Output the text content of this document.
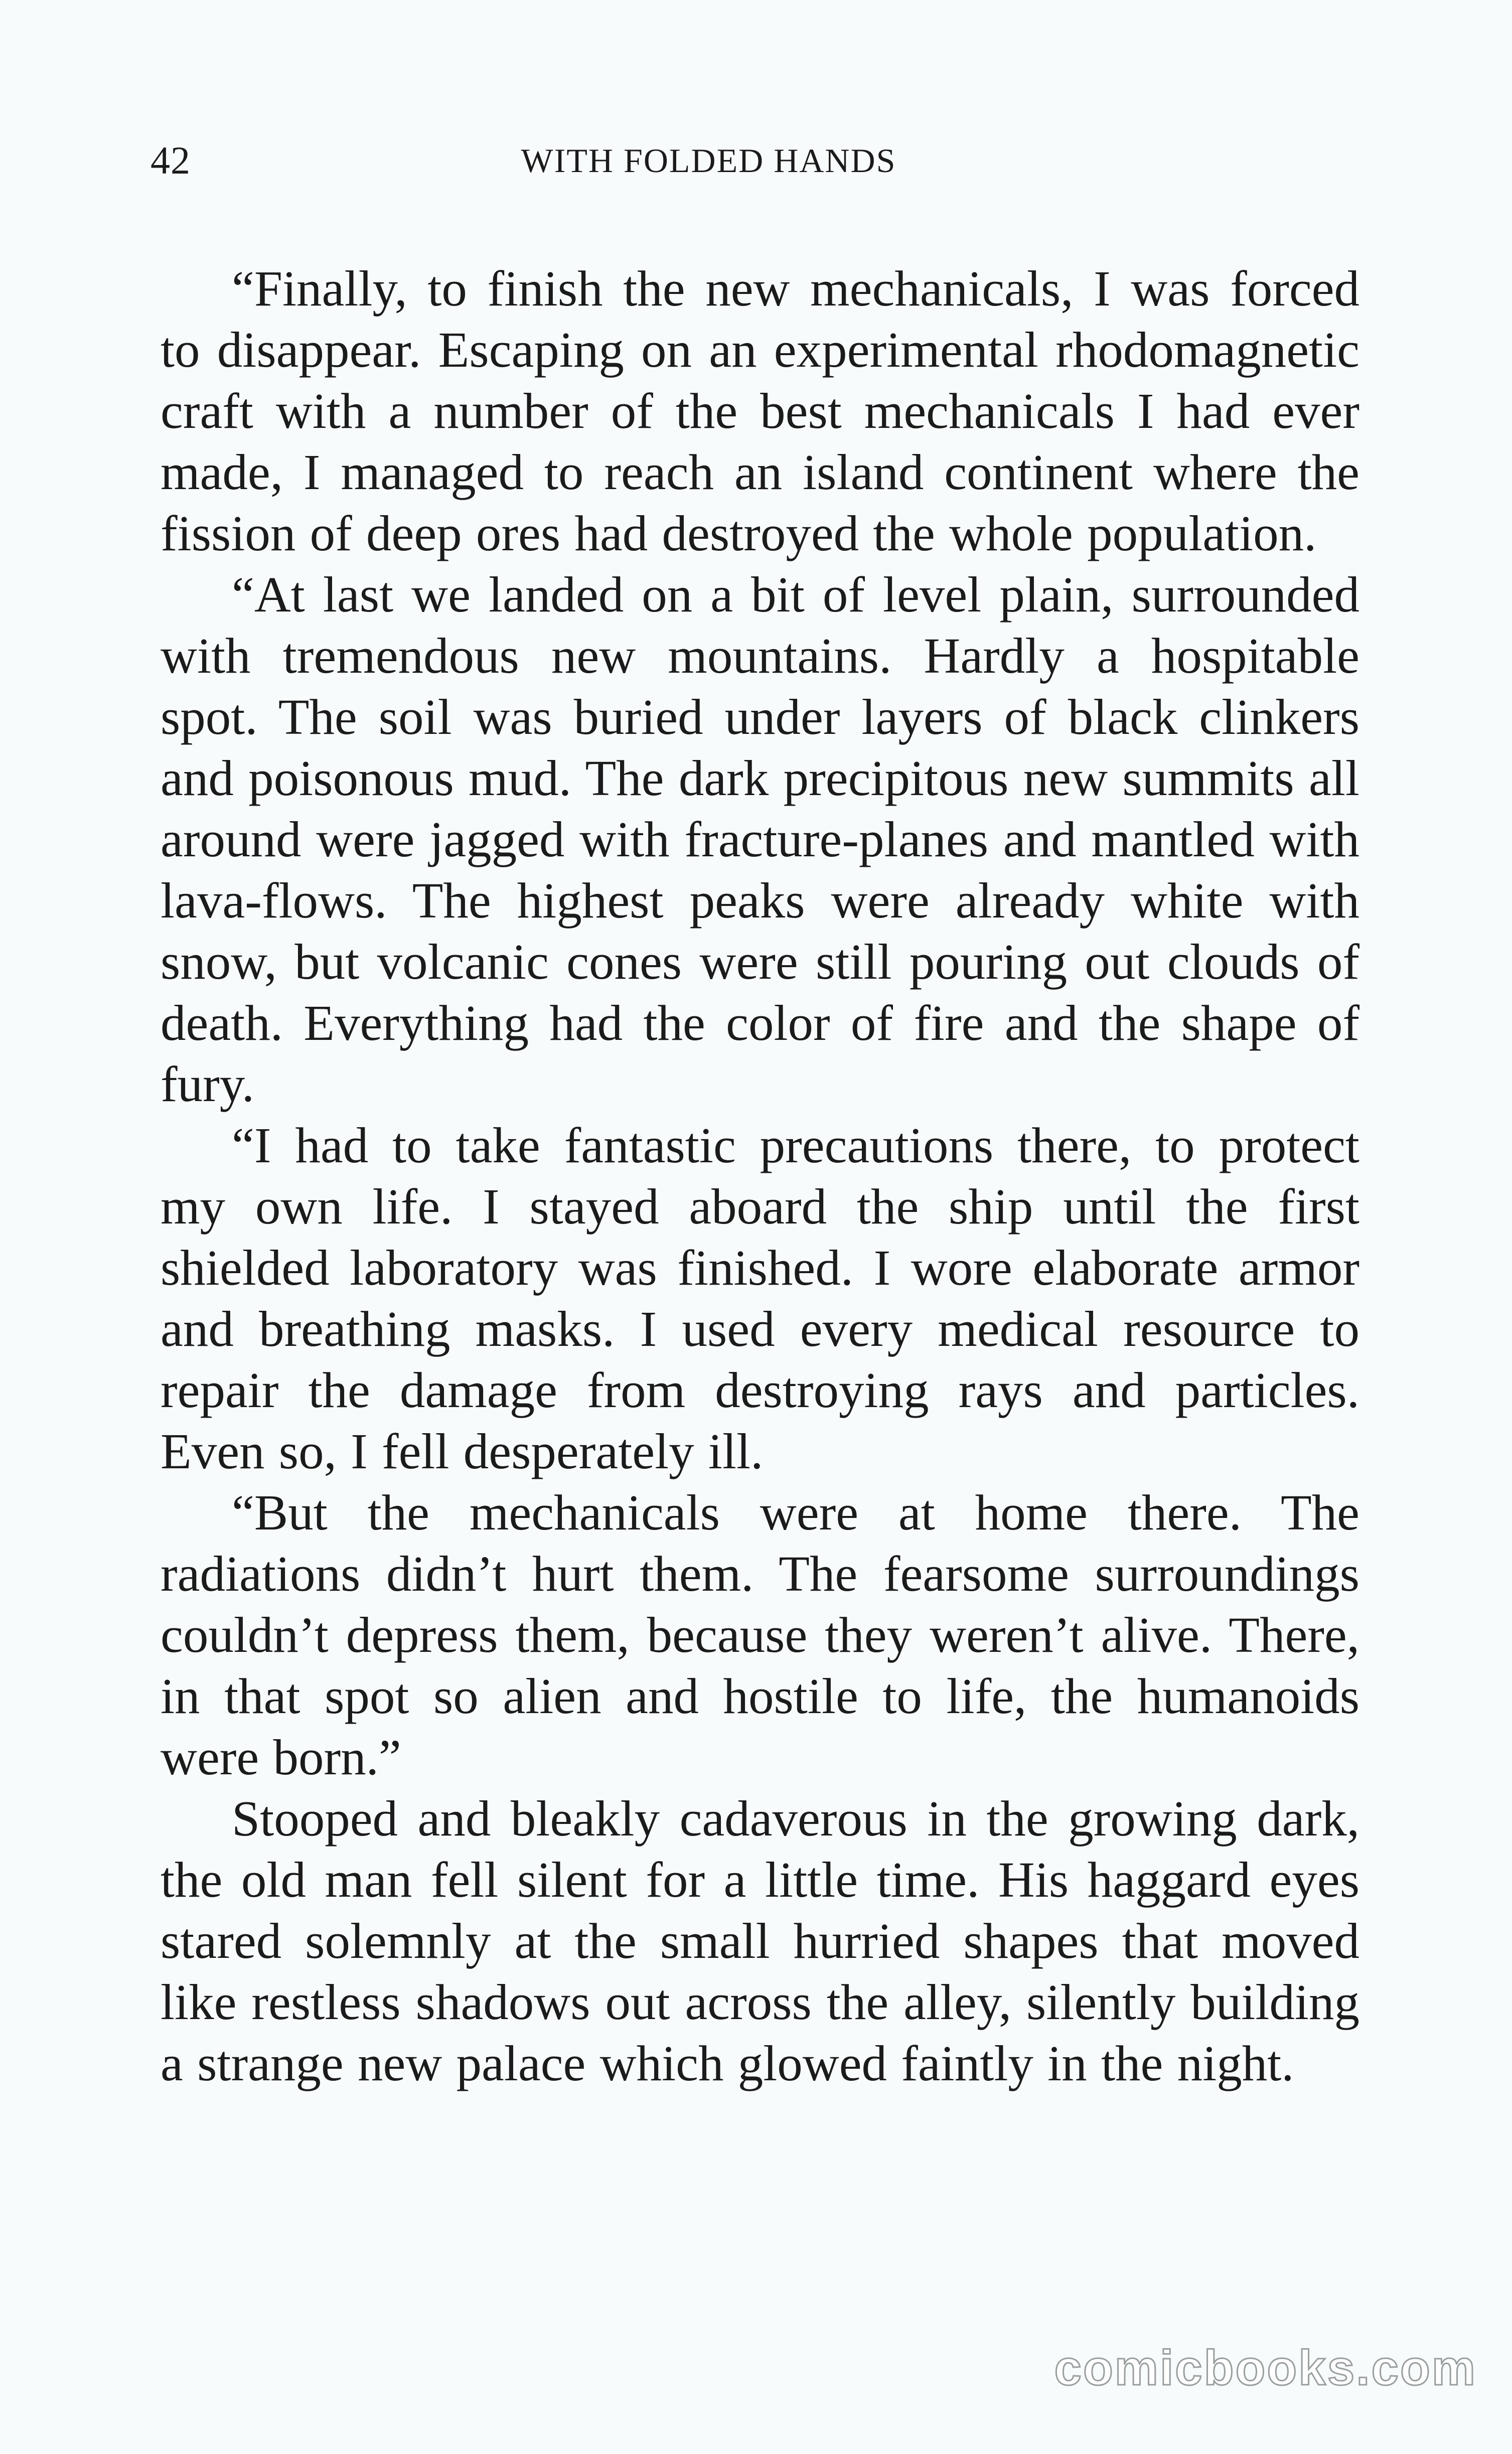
42	WITH FOLDED HANDS

“Finally, to finish the new mechanicals, I was forced to disappear. Escaping on an experimental rhodomagnetic craft with a number of the best mechanicals I had ever made, I managed to reach an island continent where the fission of deep ores had destroyed the whole population.

“At last we landed on a bit of level plain, surrounded with tremendous new mountains. Hardly a hospitable spot. The soil was buried under layers of black clinkers and poisonous mud. The dark precipitous new summits all around were jagged with fracture-planes and mantled with lava-flows. The highest peaks were already white with snow, but volcanic cones were still pouring out clouds of death. Everything had the color of fire and the shape of fury.

“I had to take fantastic precautions there, to protect my own life. I stayed aboard the ship until the first shielded laboratory was finished. I wore elaborate armor and breathing masks. I used every medical resource to repair the damage from destroying rays and particles. Even so, I fell desperately ill.

“But the mechanicals were at home there. The radiations didn’t hurt them. The fearsome surroundings couldn’t depress them, because they weren’t alive. There, in that spot so alien and hostile to life, the humanoids were born.”

Stooped and bleakly cadaverous in the growing dark, the old man fell silent for a little time. His haggard eyes stared solemnly at the small hurried shapes that moved like restless shadows out across the alley, silently building a strange new palace which glowed faintly in the night.

comicbooks.com
